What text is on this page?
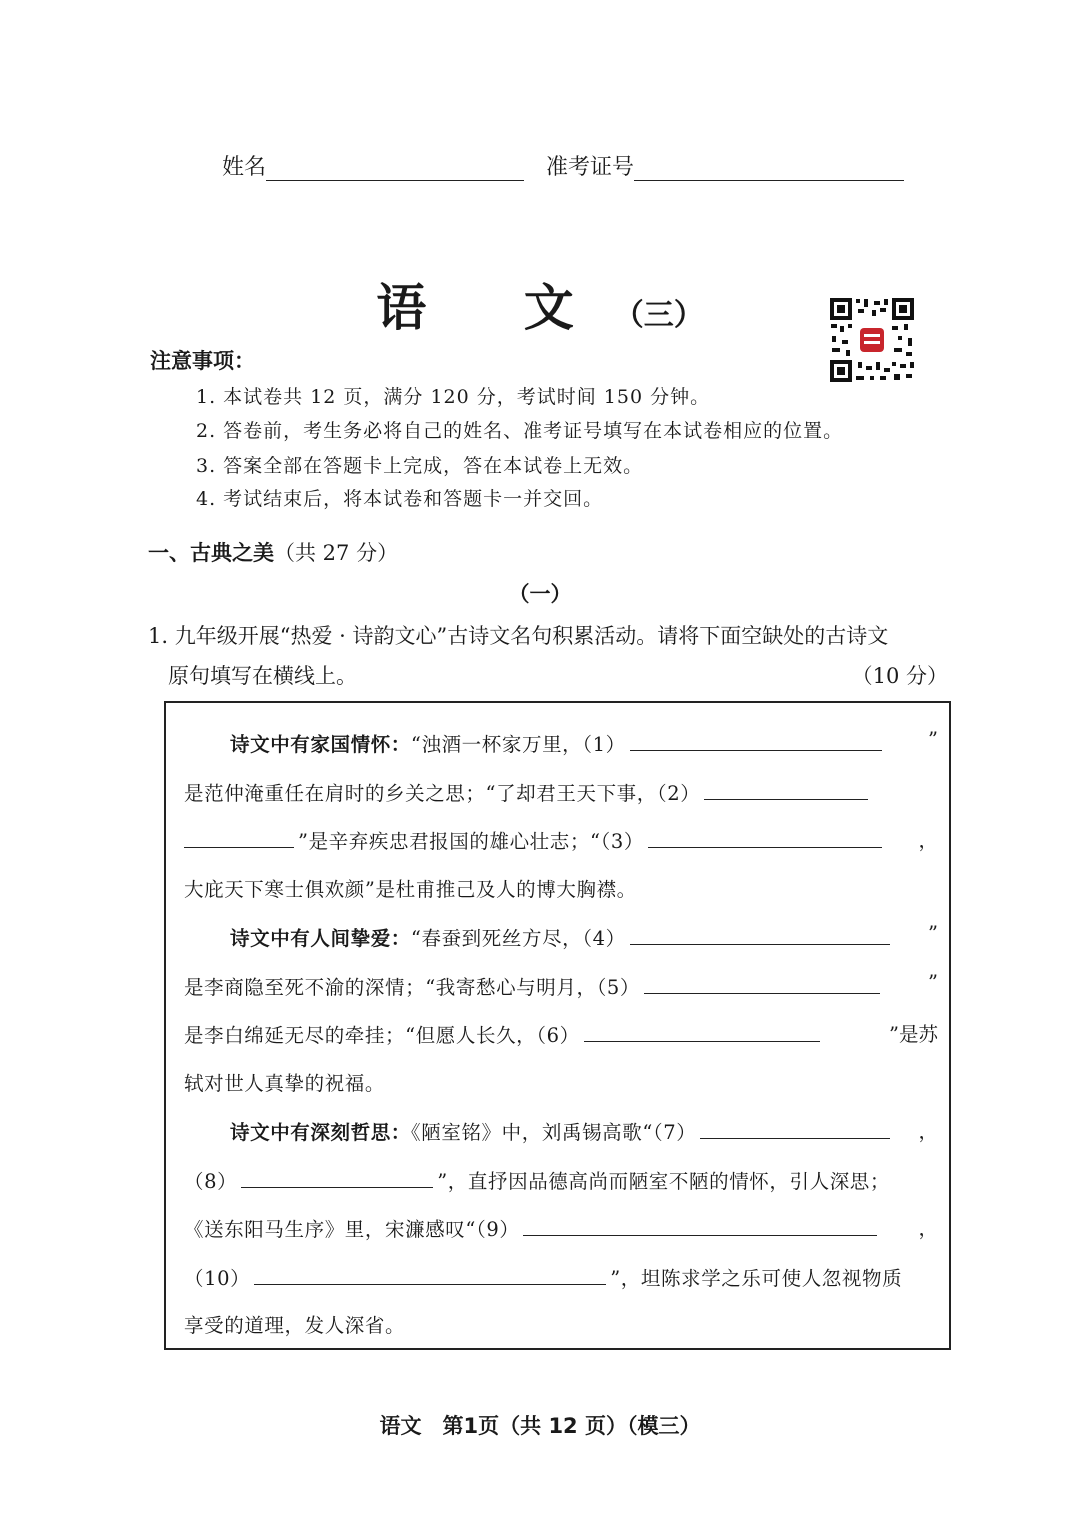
姓名	准考证号
语 文（三）
注意事项：
1. 本试卷共 12 页，满分 120 分，考试时间 150 分钟。
2. 答卷前，考生务必将自己的姓名、准考证号填写在本试卷相应的位置。
3. 答案全部在答题卡上完成，答在本试卷上无效。
4. 考试结束后，将本试卷和答题卡一并交回。
一、古典之美（共 27 分）
（一）
1. 九年级开展“热爱 · 诗韵文心”古诗文名句积累活动。请将下面空缺处的古诗文
原句填写在横线上。	（10 分）
诗文中有家国情怀：“浊酒一杯家万里，（1）	”
是范仲淹重任在肩时的乡关之思；“了却君王天下事，（2）
”是辛弃疾忠君报国的雄心壮志；“（3）	，
大庇天下寒士俱欢颜”是杜甫推己及人的博大胸襟。
诗文中有人间挚爱：“春蚕到死丝方尽，（4）	”
是李商隐至死不渝的深情；“我寄愁心与明月，（5）	”
是李白绵延无尽的牵挂；“但愿人长久，（6）	”是苏
轼对世人真挚的祝福。
诗文中有深刻哲思：《陋室铭》中，刘禹锡高歌“（7）	，
（8）	”，直抒因品德高尚而陋室不陋的情怀，引人深思；
《送东阳马生序》里，宋濂感叹“（9）	，
（10）	”，坦陈求学之乐可使人忽视物质
享受的道理，发人深省。
语文　第1页（共 12 页）（模三）
